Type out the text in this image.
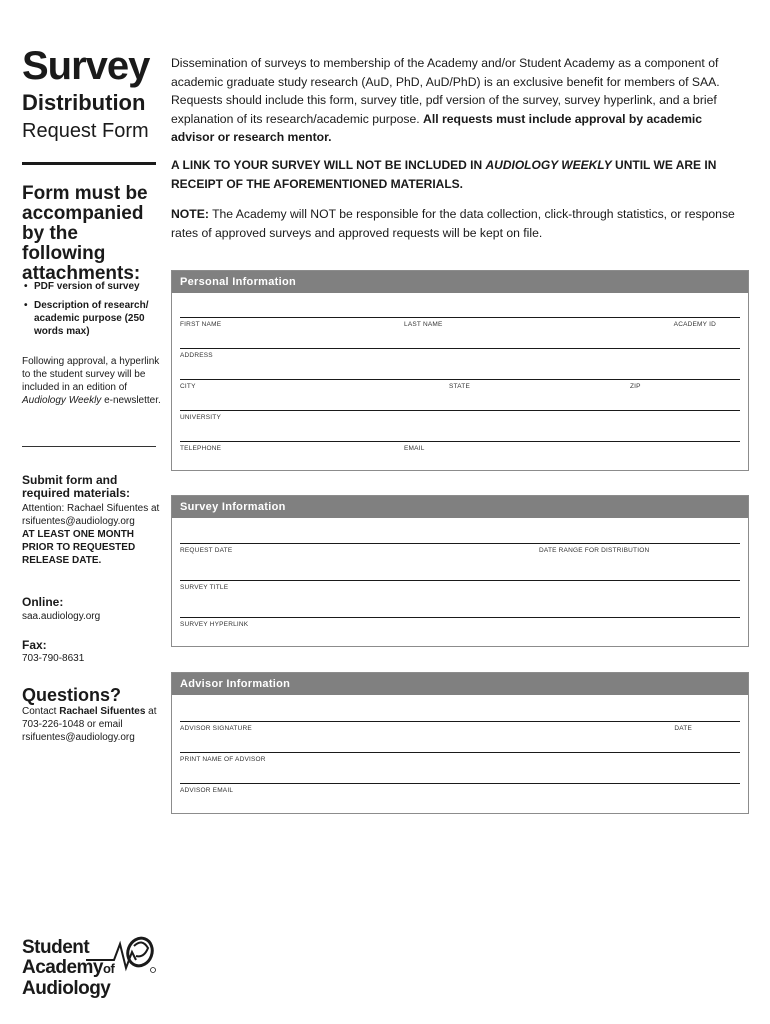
Survey
Distribution
Request Form
Form must be accompanied by the following attachments:
• PDF version of survey
• Description of research/ academic purpose (250 words max)
Following approval, a hyperlink to the student survey will be included in an edition of Audiology Weekly e-newsletter.
Submit form and required materials:
Attention: Rachael Sifuentes at rsifuentes@audiology.org
AT LEAST ONE MONTH PRIOR TO REQUESTED RELEASE DATE.
Online:
saa.audiology.org
Fax:
703-790-8631
Questions?
Contact Rachael Sifuentes at 703-226-1048 or email rsifuentes@audiology.org
Dissemination of surveys to membership of the Academy and/or Student Academy as a component of academic graduate study research (AuD, PhD, AuD/PhD) is an exclusive benefit for members of SAA. Requests should include this form, survey title, pdf version of the survey, survey hyperlink, and a brief explanation of its research/academic purpose. All requests must include approval by academic advisor or research mentor.
A LINK TO YOUR SURVEY WILL NOT BE INCLUDED IN AUDIOLOGY WEEKLY UNTIL WE ARE IN RECEIPT OF THE AFOREMENTIONED MATERIALS.
NOTE: The Academy will NOT be responsible for the data collection, click-through statistics, or response rates of approved surveys and approved requests will be kept on file.
Personal Information
FIRST NAME	LAST NAME	ACADEMY ID
ADDRESS
CITY	STATE	ZIP
UNIVERSITY
TELEPHONE	EMAIL
Survey Information
REQUEST DATE	DATE RANGE FOR DISTRIBUTION
SURVEY TITLE
SURVEY HYPERLINK
Advisor Information
ADVISOR SIGNATURE	DATE
PRINT NAME OF ADVISOR
ADVISOR EMAIL
Student
Academyof
Audiology
